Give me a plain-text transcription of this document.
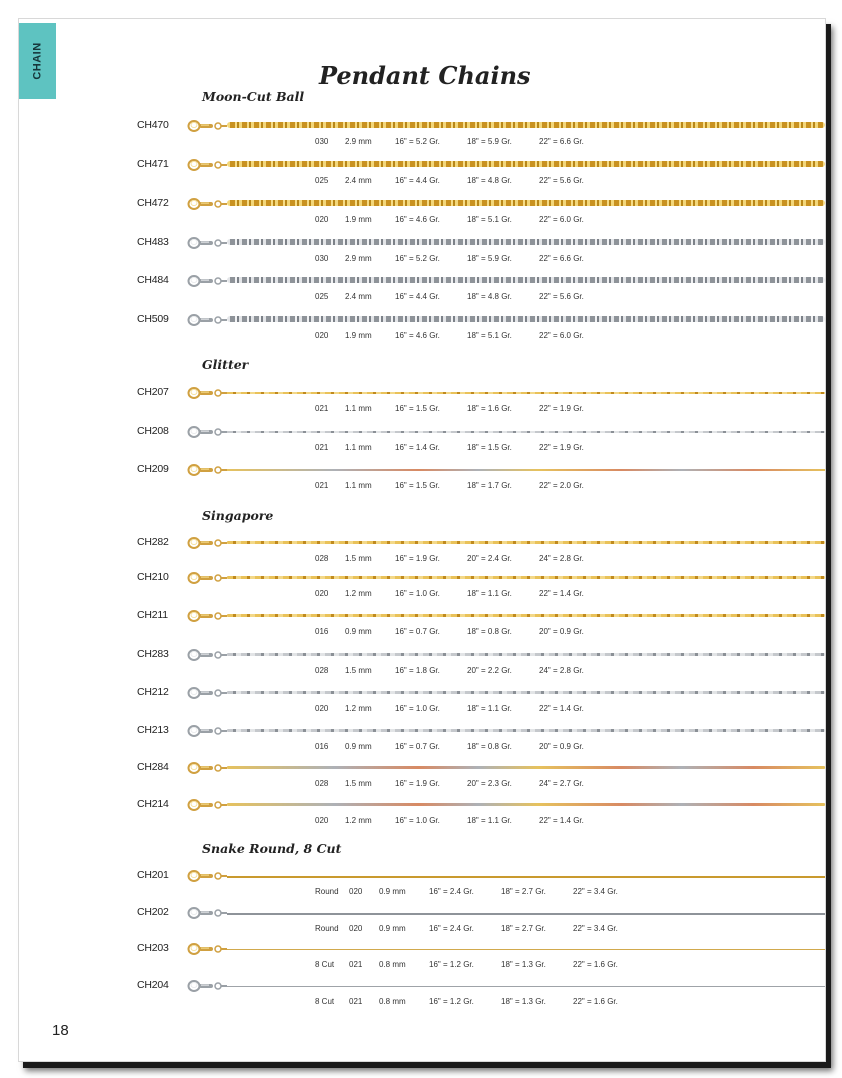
CHAIN	Pendant Chains
Moon-Cut Ball
CH470
030 2.9 mm	16" = 5.2 Gr.	18" = 5.9 Gr.	22" = 6.6 Gr.
CH471
025 2.4 mm	16" = 4.4 Gr.	18" = 4.8 Gr.	22" = 5.6 Gr.
CH472
020 1.9 mm	16" = 4.6 Gr.	18" = 5.1 Gr.	22" = 6.0 Gr.
CH483
030 2.9 mm	16" = 5.2 Gr.	18" = 5.9 Gr.	22" = 6.6 Gr.
CH484
025 2.4 mm	16" = 4.4 Gr.	18" = 4.8 Gr.	22" = 5.6 Gr.
CH509
020 1.9 mm	16" = 4.6 Gr.	18" = 5.1 Gr.	22" = 6.0 Gr.
Glitter
CH207
021 1.1 mm	16" = 1.5 Gr.	18" = 1.6 Gr.	22" = 1.9 Gr.
CH208
021 1.1 mm	16" = 1.4 Gr.	18" = 1.5 Gr.	22" = 1.9 Gr.
CH209
021 1.1 mm	16" = 1.5 Gr.	18" = 1.7 Gr.	22" = 2.0 Gr.
Singapore
CH282
028 1.5 mm	16" = 1.9 Gr.	20" = 2.4 Gr.	24" = 2.8 Gr.
CH210
020 1.2 mm	16" = 1.0 Gr.	18" = 1.1 Gr.	22" = 1.4 Gr.
CH211
016 0.9 mm	16" = 0.7 Gr.	18" = 0.8 Gr.	20" = 0.9 Gr.
CH283
028 1.5 mm	16" = 1.8 Gr.	20" = 2.2 Gr.	24" = 2.8 Gr.
CH212
020 1.2 mm	16" = 1.0 Gr.	18" = 1.1 Gr.	22" = 1.4 Gr.
CH213
016 0.9 mm	16" = 0.7 Gr.	18" = 0.8 Gr.	20" = 0.9 Gr.
CH284
028 1.5 mm	16" = 1.9 Gr.	20" = 2.3 Gr.	24" = 2.7 Gr.
CH214
020 1.2 mm	16" = 1.0 Gr.	18" = 1.1 Gr.	22" = 1.4 Gr.
Snake Round, 8 Cut
CH201
Round 020 0.9 mm	16" = 2.4 Gr.	18" = 2.7 Gr.	22" = 3.4 Gr.
CH202
Round 020 0.9 mm	16" = 2.4 Gr.	18" = 2.7 Gr.	22" = 3.4 Gr.
CH203
8 Cut 021 0.8 mm	16" = 1.2 Gr.	18" = 1.3 Gr.	22" = 1.6 Gr.
CH204
8 Cut 021 0.8 mm	16" = 1.2 Gr.	18" = 1.3 Gr.	22" = 1.6 Gr.
18
